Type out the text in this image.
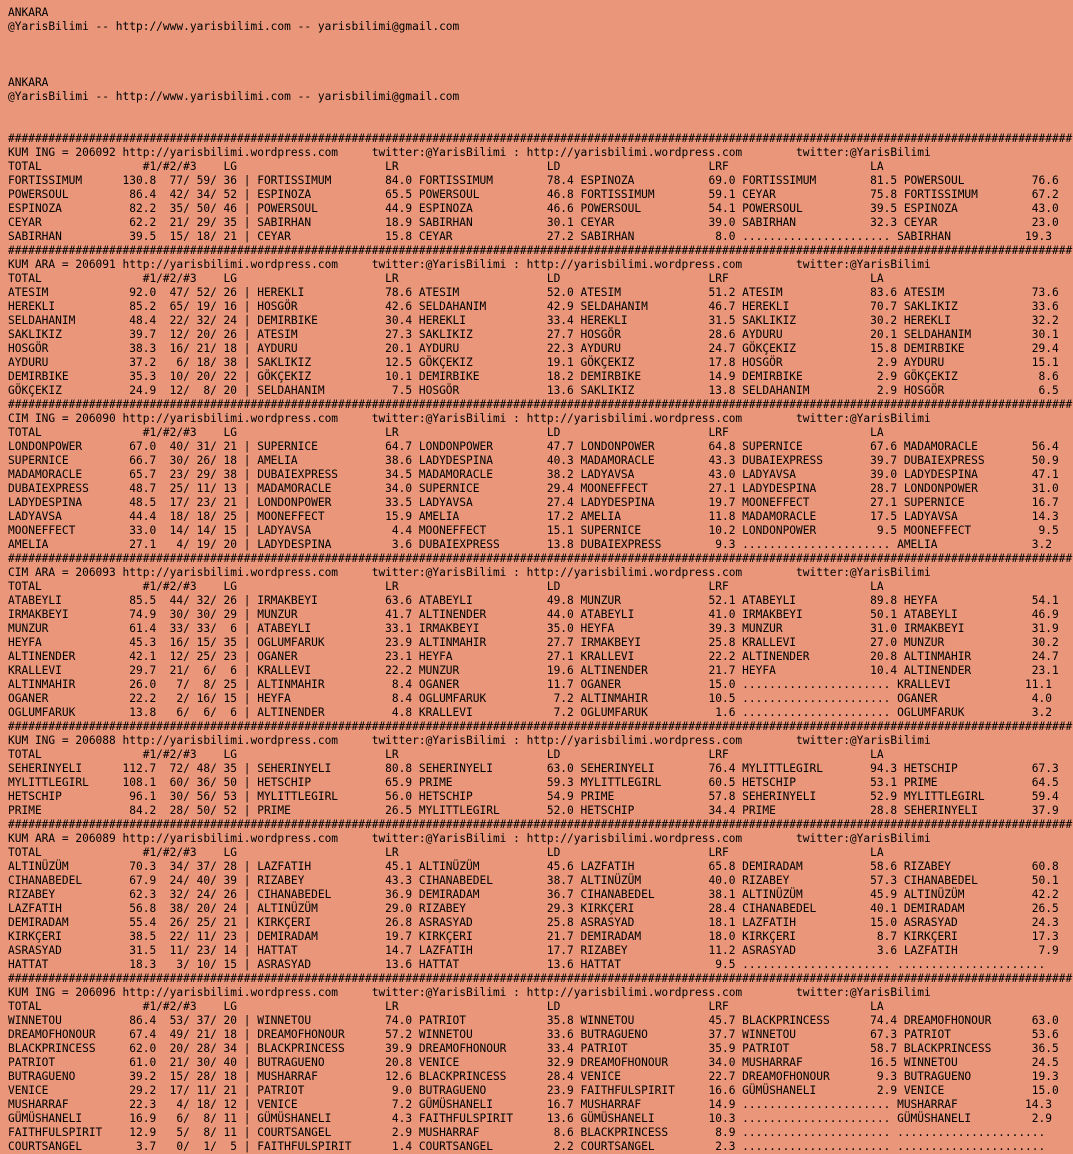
ANKARA
@YarisBilimi -- http://www.yarisbilimi.com -- yarisbilimi@gmail.com
ANKARA
@YarisBilimi -- http://www.yarisbilimi.com -- yarisbilimi@gmail.com
##############################################################################################################################################################
KUM ING = 206092 http://yarisbilimi.wordpress.com     twitter:@YarisBilimi : http://yarisbilimi.wordpress.com        twitter:@YarisBilimi
TOTAL               #1/#2/#3    LG                      LR                      LD                      LRF                     LA
FORTISSIMUM      130.8  77/ 59/ 36 | FORTISSIMUM        84.0 FORTISSIMUM        78.4 ESPINOZA           69.0 FORTISSIMUM        81.5 POWERSOUL          76.6
POWERSOUL         86.4  42/ 34/ 52 | ESPINOZA           65.5 POWERSOUL          46.8 FORTISSIMUM        59.1 CEYAR              75.8 FORTISSIMUM        67.2
ESPINOZA          82.2  35/ 50/ 46 | POWERSOUL          44.9 ESPINOZA           46.6 POWERSOUL          54.1 POWERSOUL          39.5 ESPINOZA           43.0
CEYAR             62.2  21/ 29/ 35 | SABIRHAN           18.9 SABIRHAN           30.1 CEYAR              39.0 SABIRHAN           32.3 CEYAR              23.0
SABIRHAN          39.5  15/ 18/ 21 | CEYAR              15.8 CEYAR              27.2 SABIRHAN            8.0 ...................... SABIRHAN           19.3
##############################################################################################################################################################
KUM ARA = 206091 http://yarisbilimi.wordpress.com     twitter:@YarisBilimi : http://yarisbilimi.wordpress.com        twitter:@YarisBilimi
TOTAL               #1/#2/#3    LG                      LR                      LD                      LRF                     LA
ATESIM            92.0  47/ 52/ 26 | HEREKLI            78.6 ATESIM             52.0 ATESIM             51.2 ATESIM             83.6 ATESIM             73.6
HEREKLI           85.2  65/ 19/ 16 | HOSGÖR             42.6 SELDAHANIM         42.9 SELDAHANIM         46.7 HEREKLI            70.7 SAKLIKIZ           33.6
SELDAHANIM        48.4  22/ 32/ 24 | DEMIRBIKE          30.4 HEREKLI            33.4 HEREKLI            31.5 SAKLIKIZ           30.2 HEREKLI            32.2
SAKLIKIZ          39.7  12/ 20/ 26 | ATESIM             27.3 SAKLIKIZ           27.7 HOSGÖR             28.6 AYDURU             20.1 SELDAHANIM         30.1
HOSGÖR            38.3  16/ 21/ 18 | AYDURU             20.1 AYDURU             22.3 AYDURU             24.7 GÖKÇEKIZ           15.8 DEMIRBIKE          29.4
AYDURU            37.2   6/ 18/ 38 | SAKLIKIZ           12.5 GÖKÇEKIZ           19.1 GÖKÇEKIZ           17.8 HOSGÖR              2.9 AYDURU             15.1
DEMIRBIKE         35.3  10/ 20/ 22 | GÖKÇEKIZ           10.1 DEMIRBIKE          18.2 DEMIRBIKE          14.9 DEMIRBIKE           2.9 GÖKÇEKIZ            8.6
GÖKÇEKIZ          24.9  12/  8/ 20 | SELDAHANIM          7.5 HOSGÖR             13.6 SAKLIKIZ           13.8 SELDAHANIM          2.9 HOSGÖR              6.5
##############################################################################################################################################################
CIM ING = 206090 http://yarisbilimi.wordpress.com     twitter:@YarisBilimi : http://yarisbilimi.wordpress.com        twitter:@YarisBilimi
TOTAL               #1/#2/#3    LG                      LR                      LD                      LRF                     LA
LONDONPOWER       67.0  40/ 31/ 21 | SUPERNICE          64.7 LONDONPOWER        47.7 LONDONPOWER        64.8 SUPERNICE          67.6 MADAMORACLE        56.4
SUPERNICE         66.7  30/ 26/ 18 | AMELIA             38.6 LADYDESPINA        40.3 MADAMORACLE        43.3 DUBAIEXPRESS       39.7 DUBAIEXPRESS       50.9
MADAMORACLE       65.7  23/ 29/ 38 | DUBAIEXPRESS       34.5 MADAMORACLE        38.2 LADYAVSA           43.0 LADYAVSA           39.0 LADYDESPINA        47.1
DUBAIEXPRESS      48.7  25/ 11/ 13 | MADAMORACLE        34.0 SUPERNICE          29.4 MOONEFFECT         27.1 LADYDESPINA        28.7 LONDONPOWER        31.0
LADYDESPINA       48.5  17/ 23/ 21 | LONDONPOWER        33.5 LADYAVSA           27.4 LADYDESPINA        19.7 MOONEFFECT         27.1 SUPERNICE          16.7
LADYAVSA          44.4  18/ 18/ 25 | MOONEFFECT         15.9 AMELIA             17.2 AMELIA             11.8 MADAMORACLE        17.5 LADYAVSA           14.3
MOONEFFECT        33.0  14/ 14/ 15 | LADYAVSA            4.4 MOONEFFECT         15.1 SUPERNICE          10.2 LONDONPOWER         9.5 MOONEFFECT          9.5
AMELIA            27.1   4/ 19/ 20 | LADYDESPINA         3.6 DUBAIEXPRESS       13.8 DUBAIEXPRESS        9.3 ...................... AMELIA              3.2
##############################################################################################################################################################
CIM ARA = 206093 http://yarisbilimi.wordpress.com     twitter:@YarisBilimi : http://yarisbilimi.wordpress.com        twitter:@YarisBilimi
TOTAL               #1/#2/#3    LG                      LR                      LD                      LRF                     LA
ATABEYLI          85.5  44/ 32/ 26 | IRMAKBEYI          63.6 ATABEYLI           49.8 MUNZUR             52.1 ATABEYLI           89.8 HEYFA              54.1
IRMAKBEYI         74.9  30/ 30/ 29 | MUNZUR             41.7 ALTINENDER         44.0 ATABEYLI           41.0 IRMAKBEYI          50.1 ATABEYLI           46.9
MUNZUR            61.4  33/ 33/  6 | ATABEYLI           33.1 IRMAKBEYI          35.0 HEYFA              39.3 MUNZUR             31.0 IRMAKBEYI          31.9
HEYFA             45.3  16/ 15/ 35 | OGLUMFARUK         23.9 ALTINMAHIR         27.7 IRMAKBEYI          25.8 KRALLEVI           27.0 MUNZUR             30.2
ALTINENDER        42.1  12/ 25/ 23 | OGANER             23.1 HEYFA              27.1 KRALLEVI           22.2 ALTINENDER         20.8 ALTINMAHIR         24.7
KRALLEVI          29.7  21/  6/  6 | KRALLEVI           22.2 MUNZUR             19.6 ALTINENDER         21.7 HEYFA              10.4 ALTINENDER         23.1
ALTINMAHIR        26.0   7/  8/ 25 | ALTINMAHIR          8.4 OGANER             11.7 OGANER             15.0 ...................... KRALLEVI           11.1
OGANER            22.2   2/ 16/ 15 | HEYFA               8.4 OGLUMFARUK          7.2 ALTINMAHIR         10.5 ...................... OGANER              4.0
OGLUMFARUK        13.8   6/  6/  6 | ALTINENDER          4.8 KRALLEVI            7.2 OGLUMFARUK          1.6 ...................... OGLUMFARUK          3.2
##############################################################################################################################################################
KUM ING = 206088 http://yarisbilimi.wordpress.com     twitter:@YarisBilimi : http://yarisbilimi.wordpress.com        twitter:@YarisBilimi
TOTAL               #1/#2/#3    LG                      LR                      LD                      LRF                     LA
SEHERINYELI      112.7  72/ 48/ 35 | SEHERINYELI        80.8 SEHERINYELI        63.0 SEHERINYELI        76.4 MYLITTLEGIRL       94.3 HETSCHIP           67.3
MYLITTLEGIRL     108.1  60/ 36/ 50 | HETSCHIP           65.9 PRIME              59.3 MYLITTLEGIRL       60.5 HETSCHIP           53.1 PRIME              64.5
HETSCHIP          96.1  30/ 56/ 53 | MYLITTLEGIRL       56.0 HETSCHIP           54.9 PRIME              57.8 SEHERINYELI        52.9 MYLITTLEGIRL       59.4
PRIME             84.2  28/ 50/ 52 | PRIME              26.5 MYLITTLEGIRL       52.0 HETSCHIP           34.4 PRIME              28.8 SEHERINYELI        37.9
##############################################################################################################################################################
KUM ARA = 206089 http://yarisbilimi.wordpress.com     twitter:@YarisBilimi : http://yarisbilimi.wordpress.com        twitter:@YarisBilimi
TOTAL               #1/#2/#3    LG                      LR                      LD                      LRF                     LA
ALTINÜZÜM         70.3  34/ 37/ 28 | LAZFATIH           45.1 ALTINÜZÜM          45.6 LAZFATIH           65.8 DEMIRADAM          58.6 RIZABEY            60.8
CIHANABEDEL       67.9  24/ 40/ 39 | RIZABEY            43.3 CIHANABEDEL        38.7 ALTINÜZÜM          40.0 RIZABEY            57.3 CIHANABEDEL        50.1
RIZABEY           62.3  32/ 24/ 26 | CIHANABEDEL        36.9 DEMIRADAM          36.7 CIHANABEDEL        38.1 ALTINÜZÜM          45.9 ALTINÜZÜM          42.2
LAZFATIH          56.8  38/ 20/ 24 | ALTINÜZÜM          29.0 RIZABEY            29.3 KIRKÇERI           28.4 CIHANABEDEL        40.1 DEMIRADAM          26.5
DEMIRADAM         55.4  26/ 25/ 21 | KIRKÇERI           26.8 ASRASYAD           25.8 ASRASYAD           18.1 LAZFATIH           15.0 ASRASYAD           24.3
KIRKÇERI          38.5  22/ 11/ 23 | DEMIRADAM          19.7 KIRKÇERI           21.7 DEMIRADAM          18.0 KIRKÇERI            8.7 KIRKÇERI           17.3
ASRASYAD          31.5  11/ 23/ 14 | HATTAT             14.7 LAZFATIH           17.7 RIZABEY            11.2 ASRASYAD            3.6 LAZFATIH            7.9
HATTAT            18.3   3/ 10/ 15 | ASRASYAD           13.6 HATTAT             13.6 HATTAT              9.5 ...................... ......................
##############################################################################################################################################################
KUM ING = 206096 http://yarisbilimi.wordpress.com     twitter:@YarisBilimi : http://yarisbilimi.wordpress.com        twitter:@YarisBilimi
TOTAL               #1/#2/#3    LG                      LR                      LD                      LRF                     LA
WINNETOU          86.4  53/ 37/ 20 | WINNETOU           74.0 PATRIOT            35.8 WINNETOU           45.7 BLACKPRINCESS      74.4 DREAMOFHONOUR      63.0
DREAMOFHONOUR     67.4  49/ 21/ 18 | DREAMOFHONOUR      57.2 WINNETOU           33.6 BUTRAGUENO         37.7 WINNETOU           67.3 PATRIOT            53.6
BLACKPRINCESS     62.0  20/ 28/ 34 | BLACKPRINCESS      39.9 DREAMOFHONOUR      33.4 PATRIOT            35.9 PATRIOT            58.7 BLACKPRINCESS      36.5
PATRIOT           61.0  21/ 30/ 40 | BUTRAGUENO         20.8 VENICE             32.9 DREAMOFHONOUR      34.0 MUSHARRAF          16.5 WINNETOU           24.5
BUTRAGUENO        39.2  15/ 28/ 18 | MUSHARRAF          12.6 BLACKPRINCESS      28.4 VENICE             22.7 DREAMOFHONOUR       9.3 BUTRAGUENO         19.3
VENICE            29.2  17/ 11/ 21 | PATRIOT             9.0 BUTRAGUENO         23.9 FAITHFULSPIRIT     16.6 GÜMÜSHANELI         2.9 VENICE             15.0
MUSHARRAF         22.3   4/ 18/ 12 | VENICE              7.2 GÜMÜSHANELI        16.7 MUSHARRAF          14.9 ...................... MUSHARRAF          14.3
GÜMÜSHANELI       16.9   6/  8/ 11 | GÜMÜSHANELI         4.3 FAITHFULSPIRIT     13.6 GÜMÜSHANELI        10.3 ...................... GÜMÜSHANELI         2.9
FAITHFULSPIRIT    12.9   5/  8/ 11 | COURTSANGEL         2.9 MUSHARRAF           8.6 BLACKPRINCESS       8.9 ...................... ......................
COURTSANGEL        3.7   0/  1/  5 | FAITHFULSPIRIT      1.4 COURTSANGEL         2.2 COURTSANGEL         2.3 ...................... ......................
